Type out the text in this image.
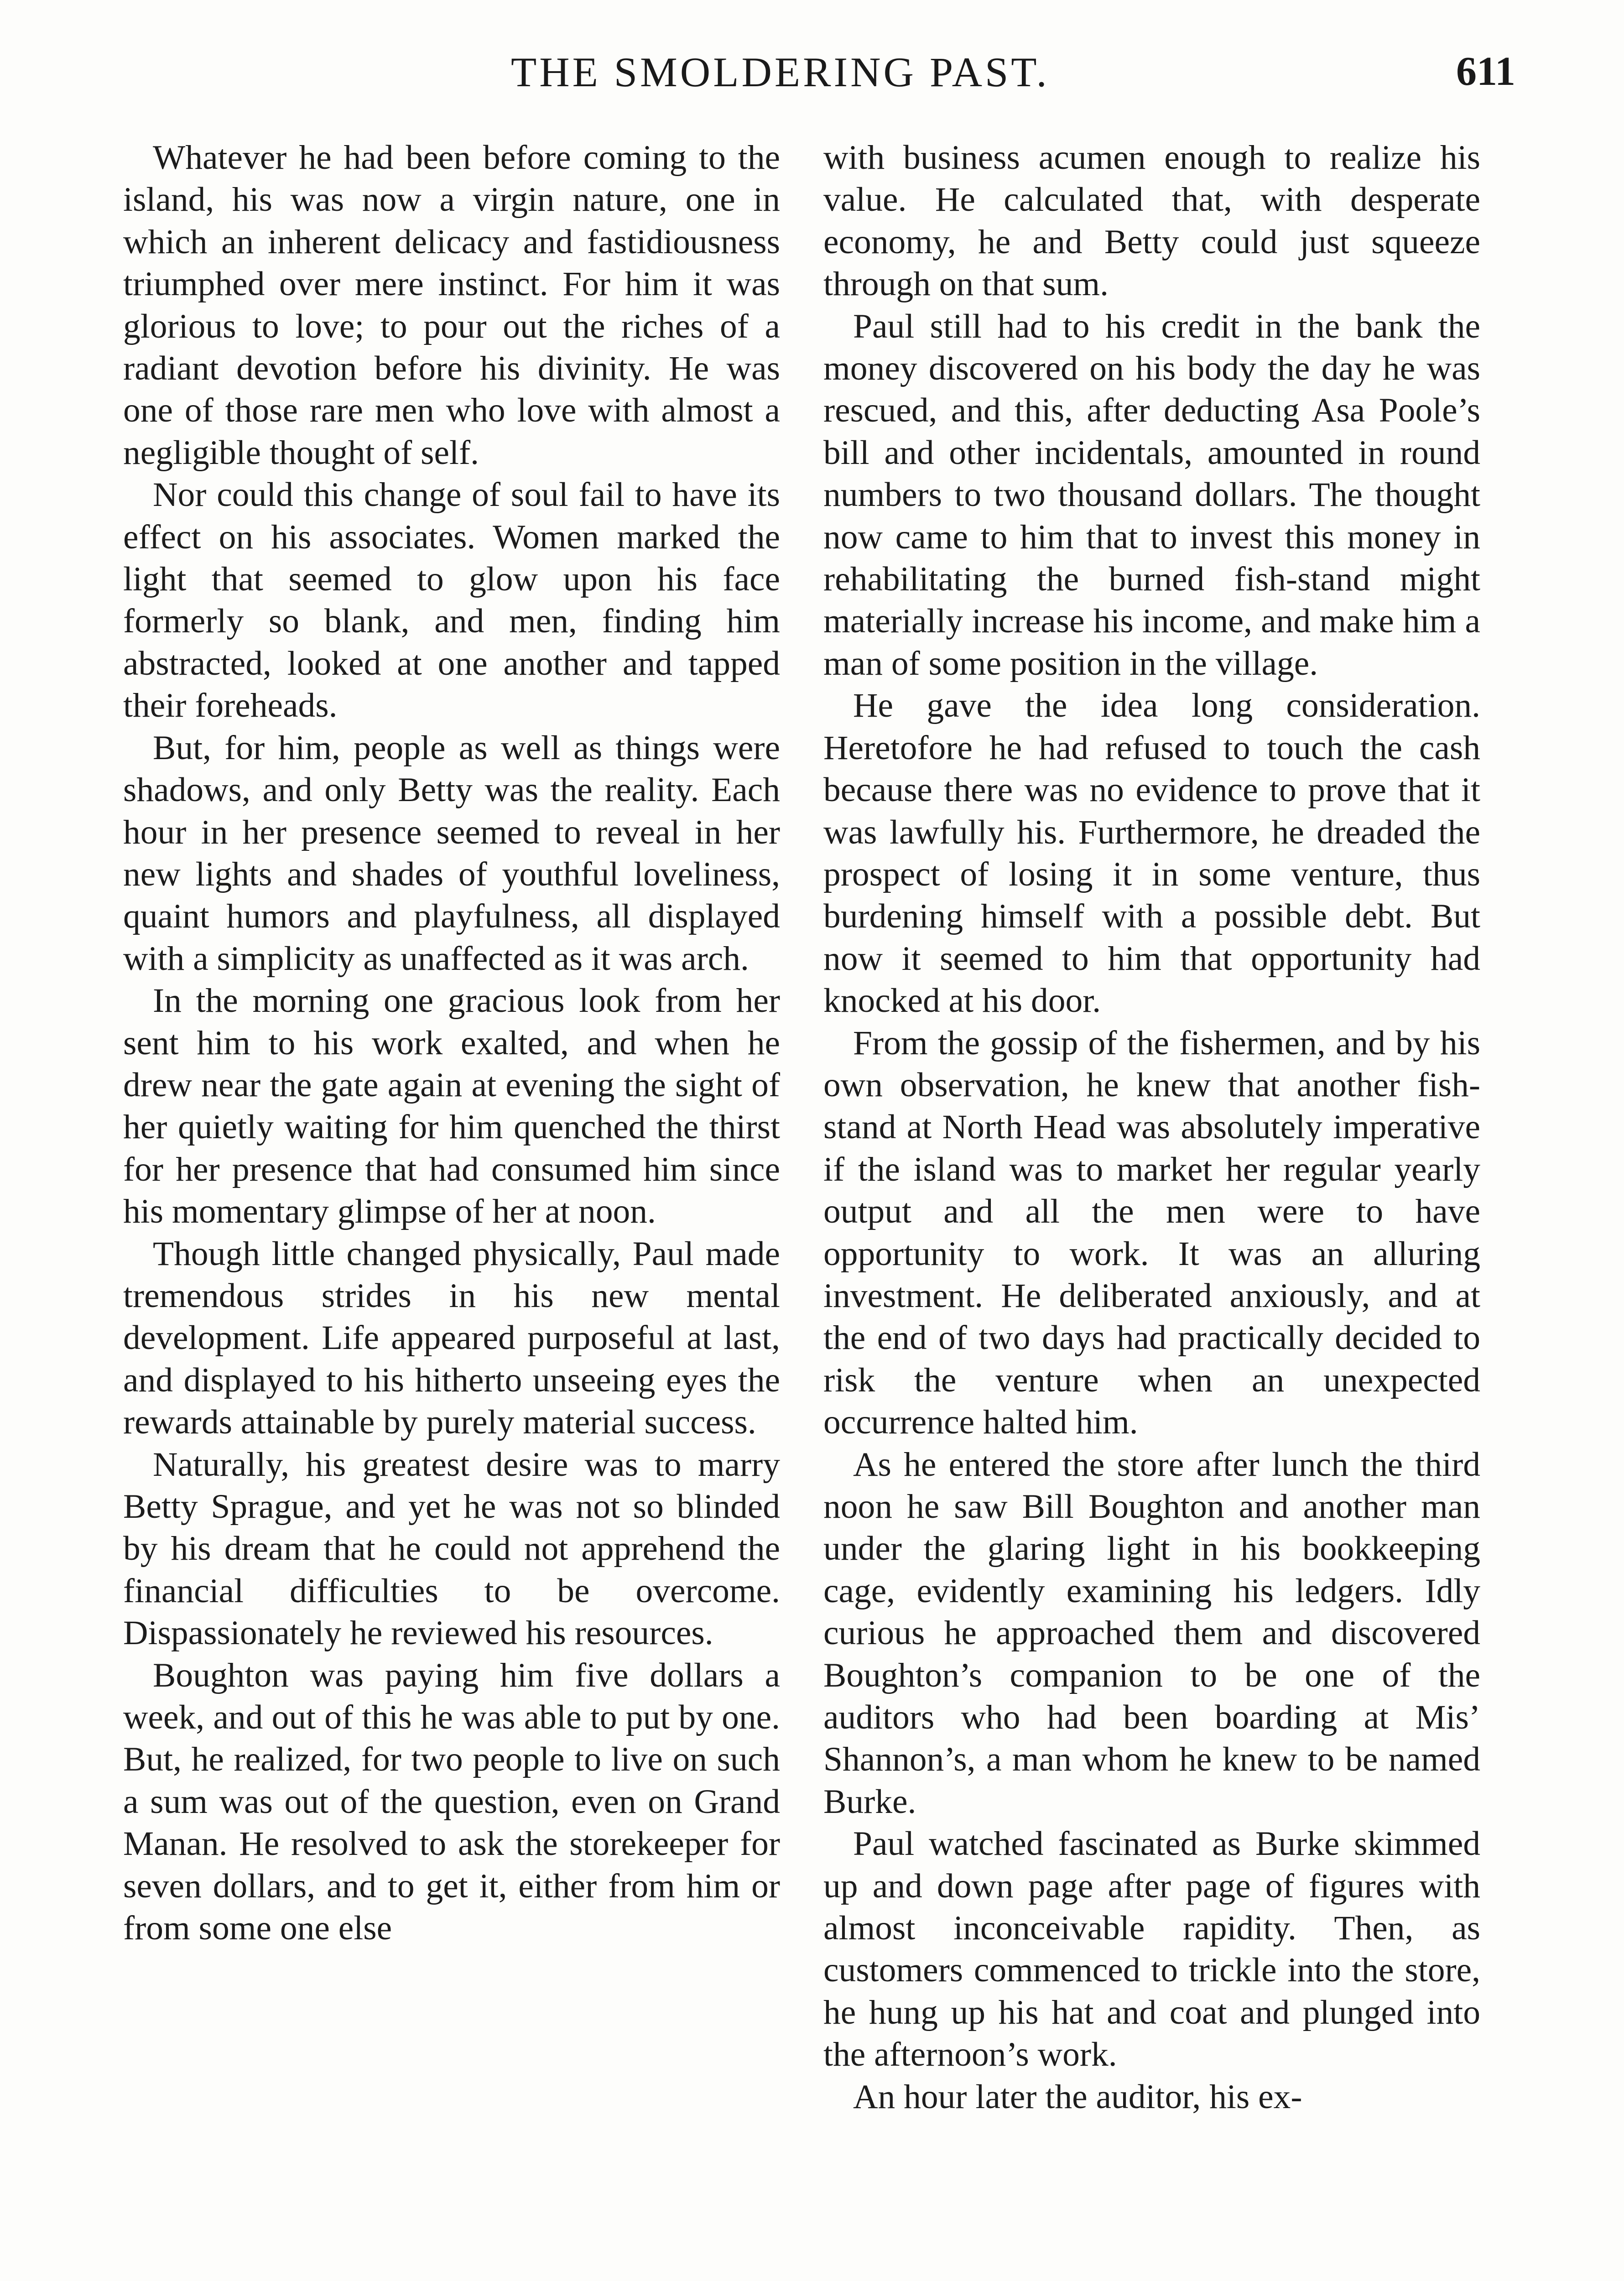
THE SMOLDERING PAST.	611

Whatever he had been before coming to the island, his was now a virgin nature, one in which an inherent delicacy and fastidiousness triumphed over mere instinct. For him it was glorious to love; to pour out the riches of a radiant devotion before his divinity. He was one of those rare men who love with almost a negligible thought of self.

Nor could this change of soul fail to have its effect on his associates. Women marked the light that seemed to glow upon his face formerly so blank, and men, finding him abstracted, looked at one another and tapped their foreheads.

But, for him, people as well as things were shadows, and only Betty was the reality. Each hour in her presence seemed to reveal in her new lights and shades of youthful loveliness, quaint humors and playfulness, all displayed with a simplicity as unaffected as it was arch.

In the morning one gracious look from her sent him to his work exalted, and when he drew near the gate again at evening the sight of her quietly waiting for him quenched the thirst for her presence that had consumed him since his momentary glimpse of her at noon.

Though little changed physically, Paul made tremendous strides in his new mental development. Life appeared purposeful at last, and displayed to his hitherto unseeing eyes the rewards attainable by purely material success.

Naturally, his greatest desire was to marry Betty Sprague, and yet he was not so blinded by his dream that he could not apprehend the financial difficulties to be overcome. Dispassionately he reviewed his resources.

Boughton was paying him five dollars a week, and out of this he was able to put by one. But, he realized, for two people to live on such a sum was out of the question, even on Grand Manan. He resolved to ask the storekeeper for seven dollars, and to get it, either from him or from some one else

with business acumen enough to realize his value. He calculated that, with desperate economy, he and Betty could just squeeze through on that sum.

Paul still had to his credit in the bank the money discovered on his body the day he was rescued, and this, after deducting Asa Poole’s bill and other incidentals, amounted in round numbers to two thousand dollars. The thought now came to him that to invest this money in rehabilitating the burned fish-stand might materially increase his income, and make him a man of some position in the village.

He gave the idea long consideration. Heretofore he had refused to touch the cash because there was no evidence to prove that it was lawfully his. Furthermore, he dreaded the prospect of losing it in some venture, thus burdening himself with a possible debt. But now it seemed to him that opportunity had knocked at his door.

From the gossip of the fishermen, and by his own observation, he knew that another fish-stand at North Head was absolutely imperative if the island was to market her regular yearly output and all the men were to have opportunity to work. It was an alluring investment. He deliberated anxiously, and at the end of two days had practically decided to risk the venture when an unexpected occurrence halted him.

As he entered the store after lunch the third noon he saw Bill Boughton and another man under the glaring light in his bookkeeping cage, evidently examining his ledgers. Idly curious he approached them and discovered Boughton’s companion to be one of the auditors who had been boarding at Mis’ Shannon’s, a man whom he knew to be named Burke.

Paul watched fascinated as Burke skimmed up and down page after page of figures with almost inconceivable rapidity. Then, as customers commenced to trickle into the store, he hung up his hat and coat and plunged into the afternoon’s work.

An hour later the auditor, his ex-
